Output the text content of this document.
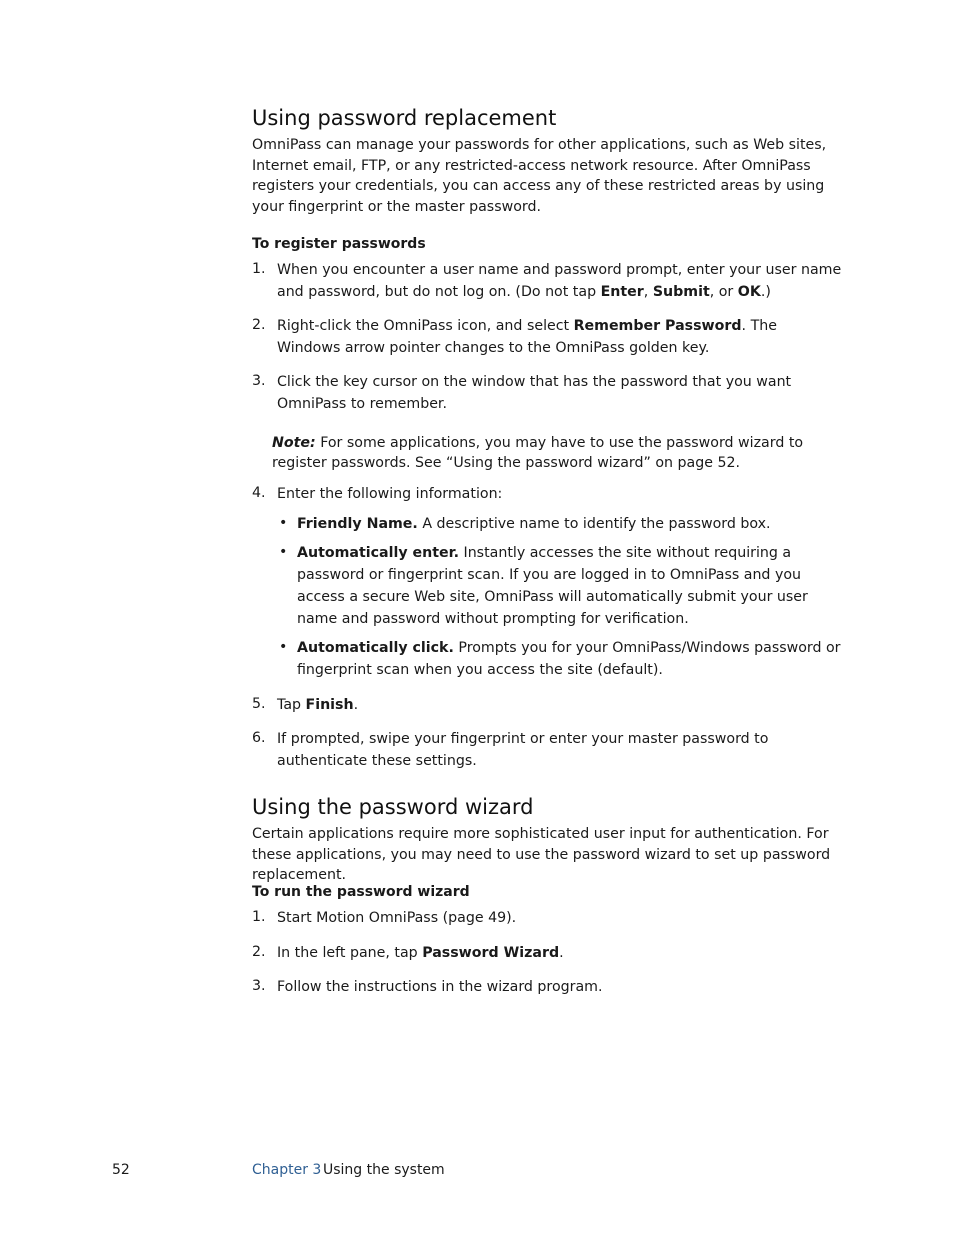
Using password replacement
OmniPass can manage your passwords for other applications, such as Web sites, Internet email, FTP, or any restricted-access network resource. After OmniPass registers your credentials, you can access any of these restricted areas by using your fingerprint or the master password.
To register passwords
1. When you encounter a user name and password prompt, enter your user name and password, but do not log on. (Do not tap Enter, Submit, or OK.)
2. Right-click the OmniPass icon, and select Remember Password. The Windows arrow pointer changes to the OmniPass golden key.
3. Click the key cursor on the window that has the password that you want OmniPass to remember.
Note: For some applications, you may have to use the password wizard to register passwords. See “Using the password wizard” on page 52.
4. Enter the following information:
• Friendly Name. A descriptive name to identify the password box.
• Automatically enter. Instantly accesses the site without requiring a password or fingerprint scan. If you are logged in to OmniPass and you access a secure Web site, OmniPass will automatically submit your user name and password without prompting for verification.
• Automatically click. Prompts you for your OmniPass/Windows password or fingerprint scan when you access the site (default).
5. Tap Finish.
6. If prompted, swipe your fingerprint or enter your master password to authenticate these settings.
Using the password wizard
Certain applications require more sophisticated user input for authentication. For these applications, you may need to use the password wizard to set up password replacement.
To run the password wizard
1. Start Motion OmniPass (page 49).
2. In the left pane, tap Password Wizard.
3. Follow the instructions in the wizard program.
52	Chapter 3 Using the system
